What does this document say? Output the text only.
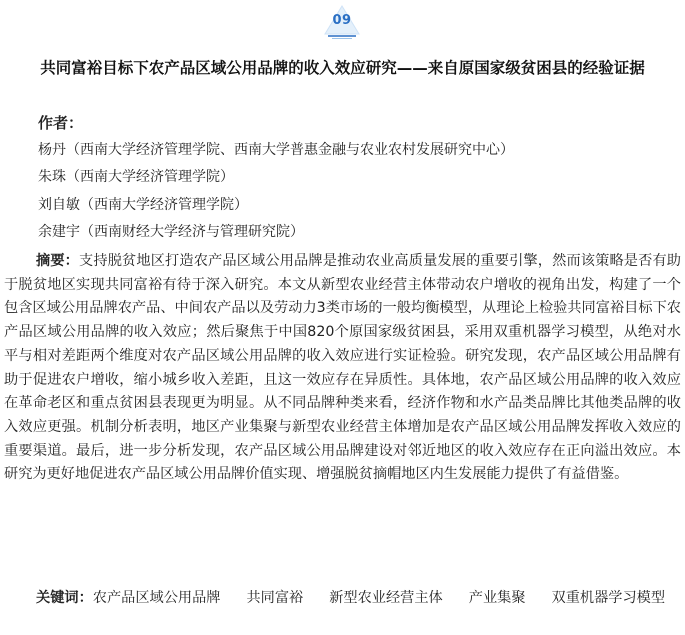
09
共同富裕目标下农产品区域公用品牌的收入效应研究——来自原国家级贫困县的经验证据
作者：
杨丹（西南大学经济管理学院、西南大学普惠金融与农业农村发展研究中心）
朱珠（西南大学经济管理学院）
刘自敏（西南大学经济管理学院）
余建宇（西南财经大学经济与管理研究院）

摘要：支持脱贫地区打造农产品区域公用品牌是推动农业高质量发展的重要引擎，然而该策略是否有助于脱贫地区实现共同富裕有待于深入研究。本文从新型农业经营主体带动农户增收的视角出发，构建了一个包含区域公用品牌农产品、中间农产品以及劳动力3类市场的一般均衡模型，从理论上检验共同富裕目标下农产品区域公用品牌的收入效应；然后聚焦于中国820个原国家级贫困县，采用双重机器学习模型，从绝对水平与相对差距两个维度对农产品区域公用品牌的收入效应进行实证检验。研究发现，农产品区域公用品牌有助于促进农户增收，缩小城乡收入差距，且这一效应存在异质性。具体地，农产品区域公用品牌的收入效应在革命老区和重点贫困县表现更为明显。从不同品牌种类来看，经济作物和水产品类品牌比其他类品牌的收入效应更强。机制分析表明，地区产业集聚与新型农业经营主体增加是农产品区域公用品牌发挥收入效应的重要渠道。最后，进一步分析发现，农产品区域公用品牌建设对邻近地区的收入效应存在正向溢出效应。本研究为更好地促进农产品区域公用品牌价值实现、增强脱贫摘帽地区内生发展能力提供了有益借鉴。

关键词：农产品区域公用品牌 共同富裕 新型农业经营主体 产业集聚 双重机器学习模型
